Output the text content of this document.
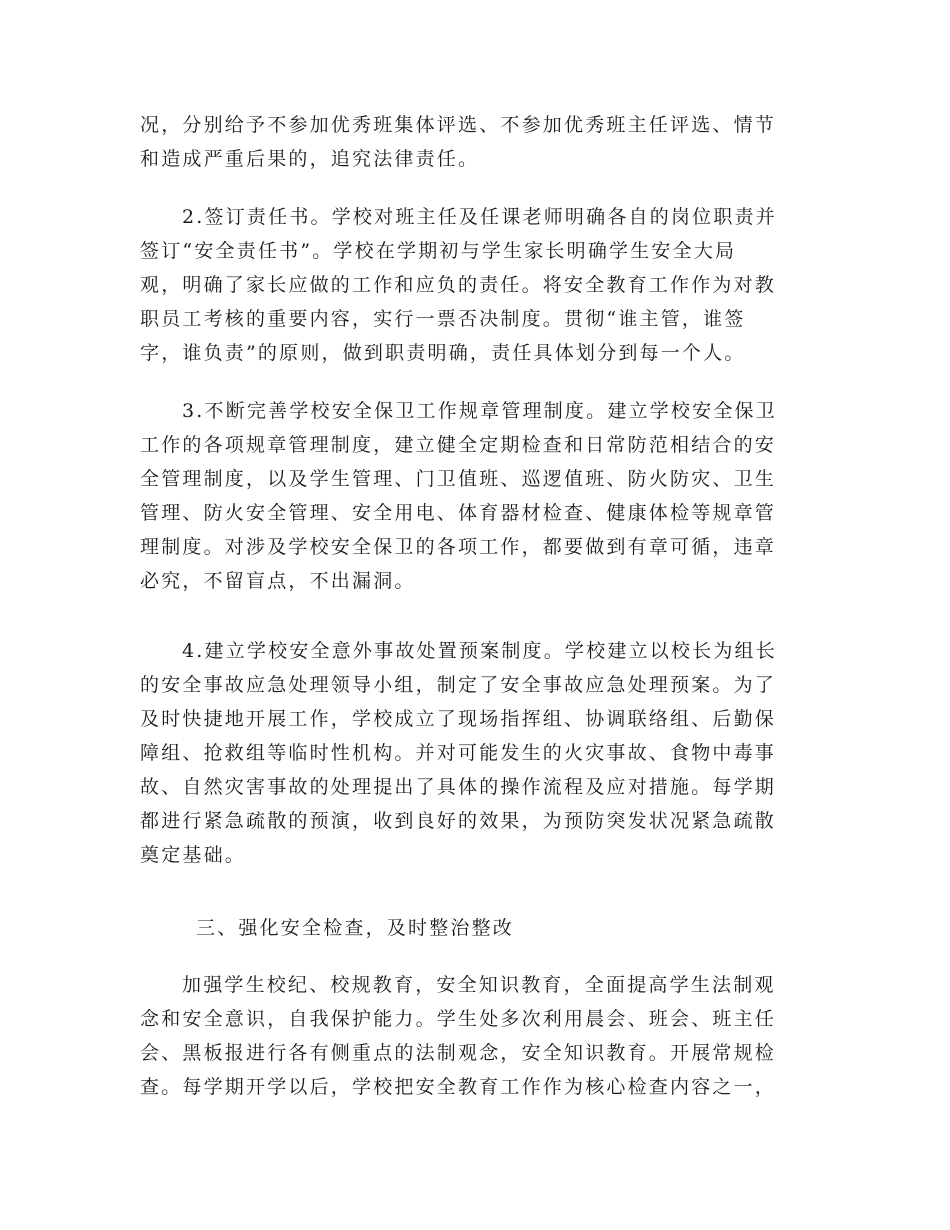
况，分别给予不参加优秀班集体评选、不参加优秀班主任评选、情节
和造成严重后果的，追究法律责任。

2.签订责任书。学校对班主任及任课老师明确各自的岗位职责并
签订“安全责任书”。学校在学期初与学生家长明确学生安全大局
观，明确了家长应做的工作和应负的责任。将安全教育工作作为对教
职员工考核的重要内容，实行一票否决制度。贯彻“谁主管，谁签
字，谁负责”的原则，做到职责明确，责任具体划分到每一个人。

3.不断完善学校安全保卫工作规章管理制度。建立学校安全保卫
工作的各项规章管理制度，建立健全定期检查和日常防范相结合的安
全管理制度，以及学生管理、门卫值班、巡逻值班、防火防灾、卫生
管理、防火安全管理、安全用电、体育器材检查、健康体检等规章管
理制度。对涉及学校安全保卫的各项工作，都要做到有章可循，违章
必究，不留盲点，不出漏洞。

4.建立学校安全意外事故处置预案制度。学校建立以校长为组长
的安全事故应急处理领导小组，制定了安全事故应急处理预案。为了
及时快捷地开展工作，学校成立了现场指挥组、协调联络组、后勤保
障组、抢救组等临时性机构。并对可能发生的火灾事故、食物中毒事
故、自然灾害事故的处理提出了具体的操作流程及应对措施。每学期
都进行紧急疏散的预演，收到良好的效果，为预防突发状况紧急疏散
奠定基础。

三、强化安全检查，及时整治整改

加强学生校纪、校规教育，安全知识教育，全面提高学生法制观
念和安全意识，自我保护能力。学生处多次利用晨会、班会、班主任
会、黑板报进行各有侧重点的法制观念，安全知识教育。开展常规检
查。每学期开学以后，学校把安全教育工作作为核心检查内容之一，
